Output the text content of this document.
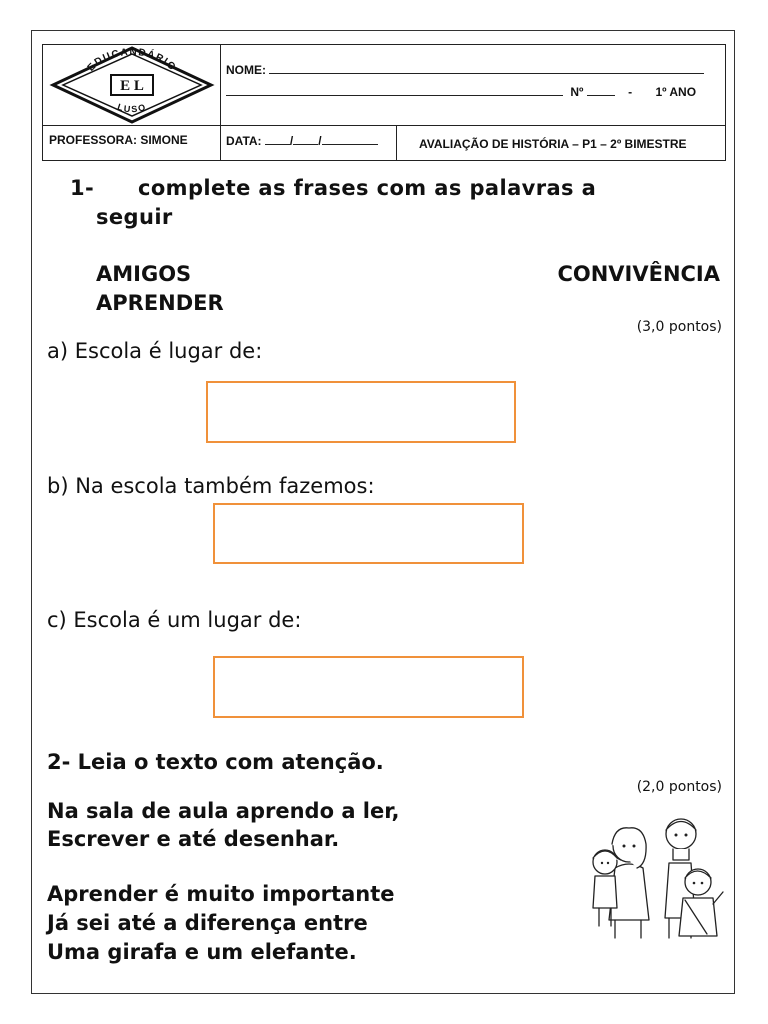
EDUCANDÁRIO
E L
LUSO
NOME:
Nº	- 1º ANO
PROFESSORA: SIMONE	DATA: / /	AVALIAÇÃO DE HISTÓRIA – P1 – 2º BIMESTRE
1- complete as frases com as palavras a
seguir
AMIGOS	CONVIVÊNCIA
APRENDER
(3,0 pontos)
a) Escola é lugar de:
b) Na escola também fazemos:
c) Escola é um lugar de:
2- Leia o texto com atenção.
(2,0 pontos)
Na sala de aula aprendo a ler,
Escrever e até desenhar.
Aprender é muito importante
Já sei até a diferença entre
Uma girafa e um elefante.
